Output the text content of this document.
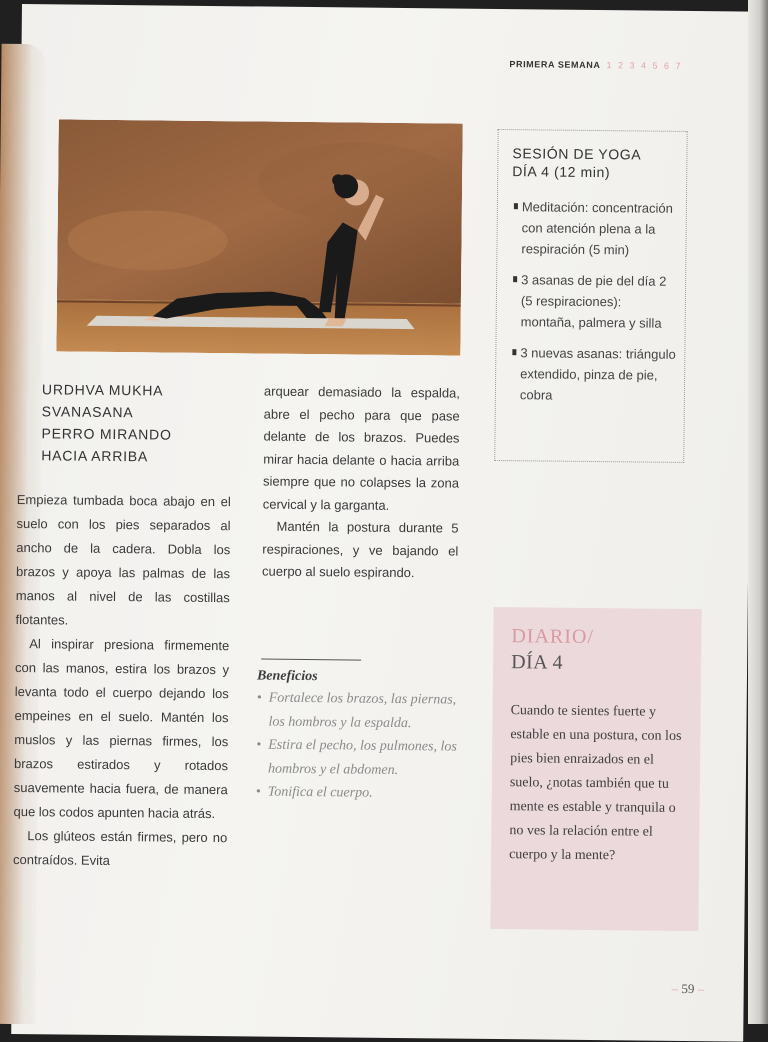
PRIMERA SEMANA 1 2 3 4 5 6 7
SESIÓN DE YOGA
DÍA 4 (12 min)
Meditación: concentración con atención plena a la respiración (5 min)
3 asanas de pie del día 2 (5 respiraciones): montaña, palmera y silla
3 nuevas asanas: triángulo extendido, pinza de pie, cobra
URDHVA MUKHA
SVANASANA
PERRO MIRANDO
HACIA ARRIBA

Empieza tumbada boca abajo en el suelo con los pies separados al ancho de la cadera. Dobla los brazos y apoya las palmas de las manos al nivel de las costillas flotantes.

Al inspirar presiona firmemente con las manos, estira los brazos y levanta todo el cuerpo dejando los empeines en el suelo. Mantén los muslos y las piernas firmes, los brazos estirados y rotados suavemente hacia fuera, de manera que los codos apunten hacia atrás.

Los glúteos están firmes, pero no contraídos. Evita

arquear demasiado la espalda, abre el pecho para que pase delante de los brazos. Puedes mirar hacia delante o hacia arriba siempre que no colapses la zona cervical y la garganta.

Mantén la postura durante 5 respiraciones, y ve bajando el cuerpo al suelo espirando.

Beneficios
• Fortalece los brazos, las piernas, los hombros y la espalda.
• Estira el pecho, los pulmones, los hombros y el abdomen.
• Tonifica el cuerpo.
DIARIO/
DÍA 4
Cuando te sientes fuerte y estable en una postura, con los pies bien enraizados en el suelo, ¿notas también que tu mente es estable y tranquila o no ves la relación entre el cuerpo y la mente?
– 59 –
